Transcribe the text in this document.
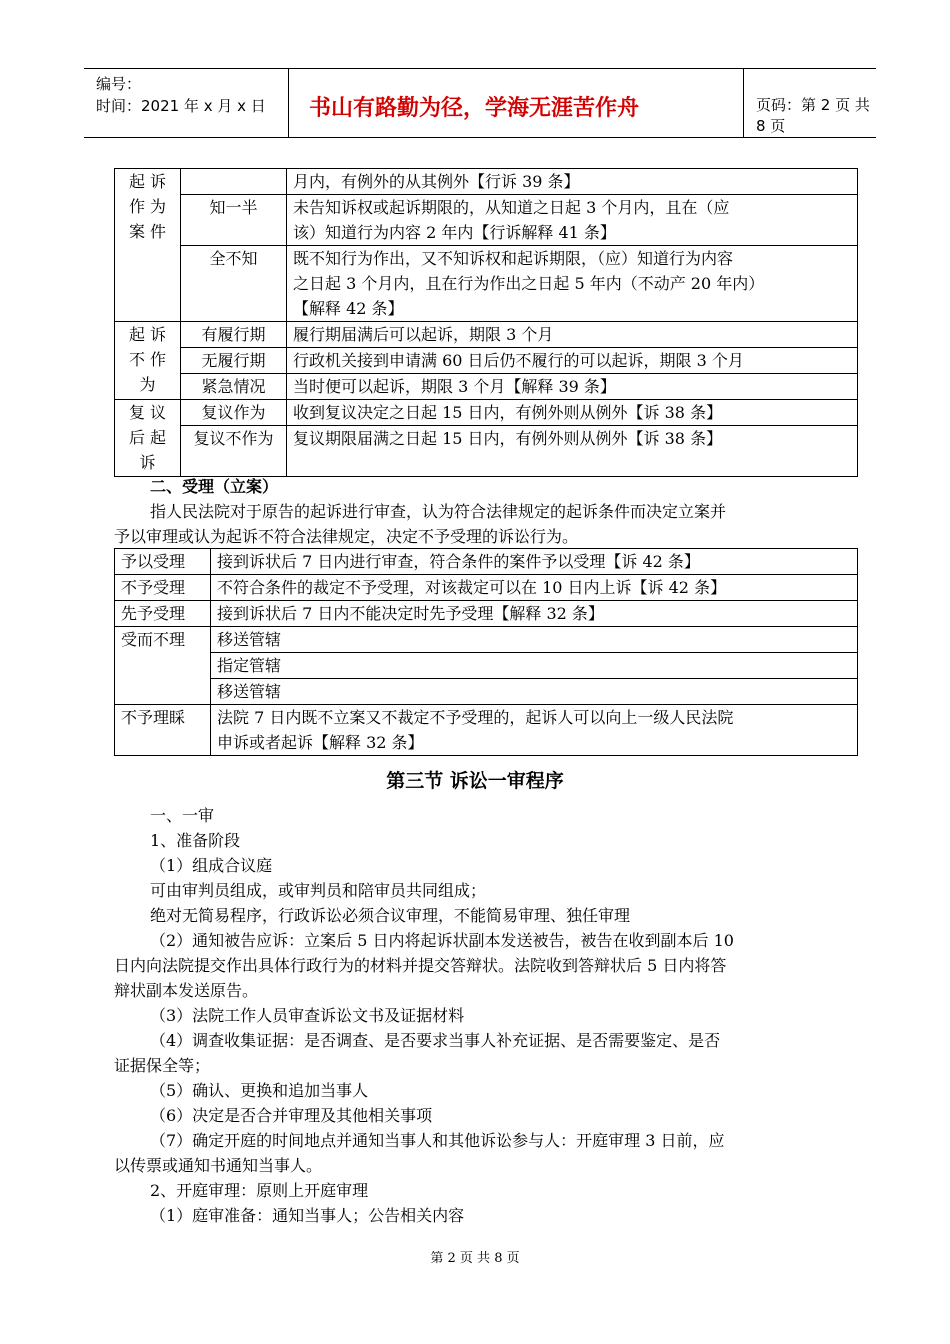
编号：
时间：2021 年 x 月 x 日	书山有路勤为径，学海无涯苦作舟	页码：第 2 页 共 8 页
起 诉
作 为
案 件		月内，有例外的从其例外【行诉 39 条】
	知一半	未告知诉权或起诉期限的，从知道之日起 3 个月内，且在（应
		该）知道行为内容 2 年内【行诉解释 41 条】
	全不知	既不知行为作出，又不知诉权和起诉期限，（应）知道行为内容
		之日起 3 个月内，且在行为作出之日起 5 年内（不动产 20 年内）
		【解释 42 条】

起 诉
不 作
为	有履行期	履行期届满后可以起诉，期限 3 个月
	无履行期	行政机关接到申请满 60 日后仍不履行的可以起诉，期限 3 个月
	紧急情况	当时便可以起诉，期限 3 个月【解释 39 条】

复 议
后 起
诉	复议作为	收到复议决定之日起 15 日内，有例外则从例外【诉 38 条】
	复议不作为	复议期限届满之日起 15 日内，有例外则从例外【诉 38 条】

二、受理（立案）
指人民法院对于原告的起诉进行审查，认为符合法律规定的起诉条件而决定立案并
予以审理或认为起诉不符合法律规定，决定不予受理的诉讼行为。
予以受理	接到诉状后 7 日内进行审查，符合条件的案件予以受理【诉 42 条】
不予受理	不符合条件的裁定不予受理，对该裁定可以在 10 日内上诉【诉 42 条】
先予受理	接到诉状后 7 日内不能决定时先予受理【解释 32 条】
受而不理	移送管辖
	指定管辖
	移送管辖
不予理睬	法院 7 日内既不立案又不裁定不予受理的，起诉人可以向上一级人民法院
申诉或者起诉【解释 32 条】
第三节 诉讼一审程序
一、一审
1、准备阶段
（1）组成合议庭
可由审判员组成，或审判员和陪审员共同组成；
绝对无简易程序，行政诉讼必须合议审理，不能简易审理、独任审理
（2）通知被告应诉：立案后 5 日内将起诉状副本发送被告，被告在收到副本后 10
日内向法院提交作出具体行政行为的材料并提交答辩状。法院收到答辩状后 5 日内将答
辩状副本发送原告。
（3）法院工作人员审查诉讼文书及证据材料
（4）调查收集证据：是否调查、是否要求当事人补充证据、是否需要鉴定、是否
证据保全等；
（5）确认、更换和追加当事人
（6）决定是否合并审理及其他相关事项
（7）确定开庭的时间地点并通知当事人和其他诉讼参与人：开庭审理 3 日前，应
以传票或通知书通知当事人。
2、开庭审理：原则上开庭审理
（1）庭审准备：通知当事人；公告相关内容
第 2 页 共 8 页
